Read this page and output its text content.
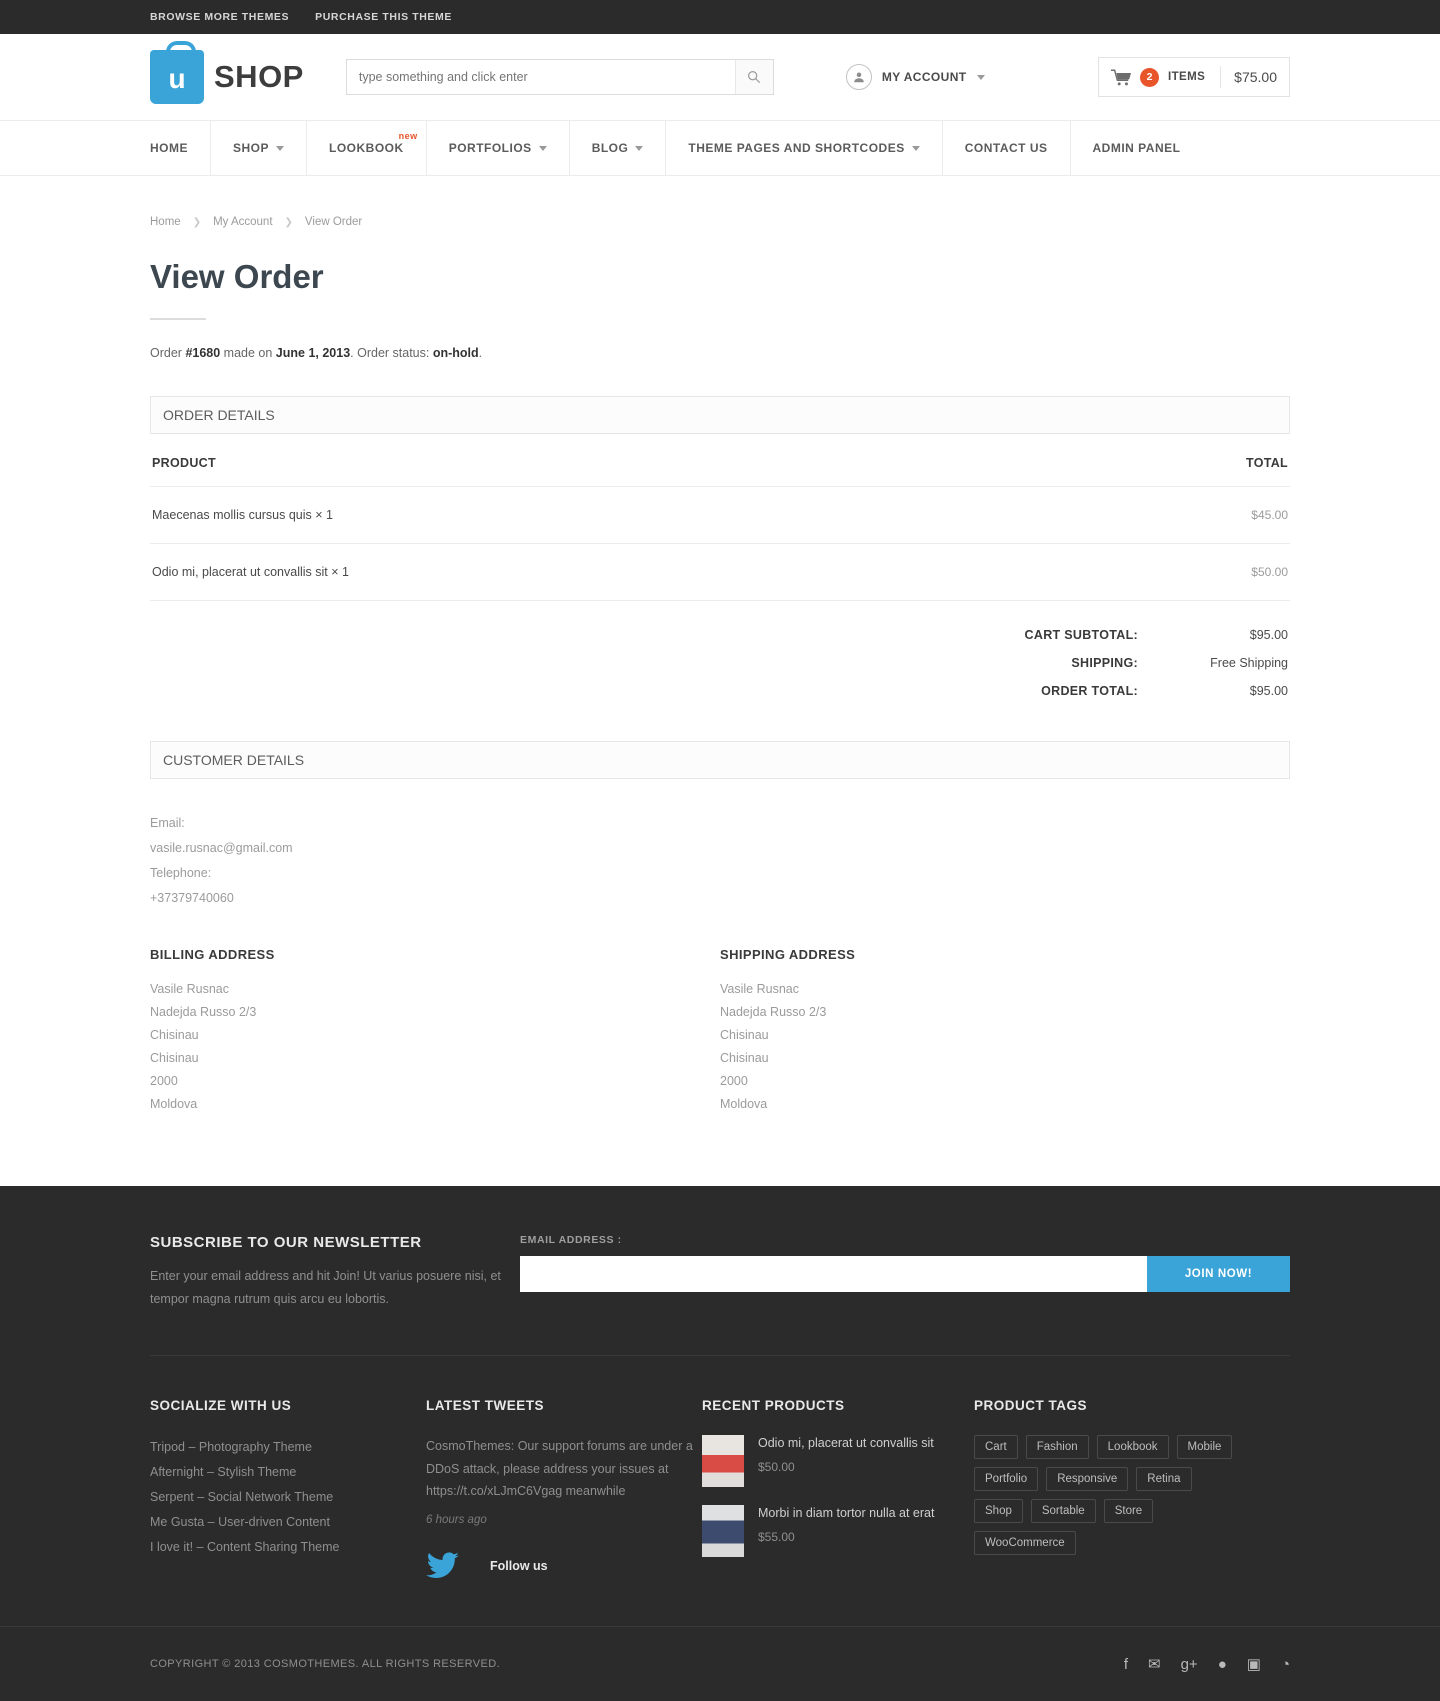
BROWSE MORE THEMES PURCHASE THIS THEME
u SHOP
type something and click enter	MY ACCOUNT	2	ITEMS $75.00
HOME	SHOP	LOOKBOOK
new
PORTFOLIOS	BLOG	THEME PAGES AND SHORTCODES	CONTACT US	ADMIN PANEL
Home ❯ My Account ❯ View Order
View Order
Order #1680 made on June 1, 2013. Order status: on-hold.
ORDER DETAILS
PRODUCT	TOTAL
Maecenas mollis cursus quis × 1	$45.00
Odio mi, placerat ut convallis sit × 1	$50.00
CART SUBTOTAL:	$95.00
SHIPPING:	Free Shipping
ORDER TOTAL:	$95.00
CUSTOMER DETAILS
Email:
vasile.rusnac@gmail.com
Telephone:
+37379740060
BILLING ADDRESS

Vasile Rusnac

Nadejda Russo 2/3

Chisinau

Chisinau

2000

Moldova

SHIPPING ADDRESS

Vasile Rusnac

Nadejda Russo 2/3

Chisinau

Chisinau

2000

Moldova

SUBSCRIBE TO OUR NEWSLETTER

Enter your email address and hit Join! Ut varius posuere nisi, et tempor magna rutrum quis arcu eu lobortis.

EMAIL ADDRESS :
JOIN NOW!
SOCIALIZE WITH US
Tripod – Photography Theme
Afternight – Stylish Theme
Serpent – Social Network Theme
Me Gusta – User-driven Content
I love it! – Content Sharing Theme
LATEST TWEETS
CosmoThemes: Our support forums are under a DDoS attack, please address your issues at https://t.co/xLJmC6Vgag meanwhile
6 hours ago
Follow us
RECENT PRODUCTS
Odio mi, placerat ut convallis sit
$50.00
Morbi in diam tortor nulla at erat
$55.00
PRODUCT TAGS
Cart	Fashion	Lookbook	Mobile
Portfolio	Responsive	Retina
Shop	Sortable	Store
WooCommerce
COPYRIGHT © 2013 COSMOTHEMES. ALL RIGHTS RESERVED.	f ✉ g+ ● ▣ ◔
